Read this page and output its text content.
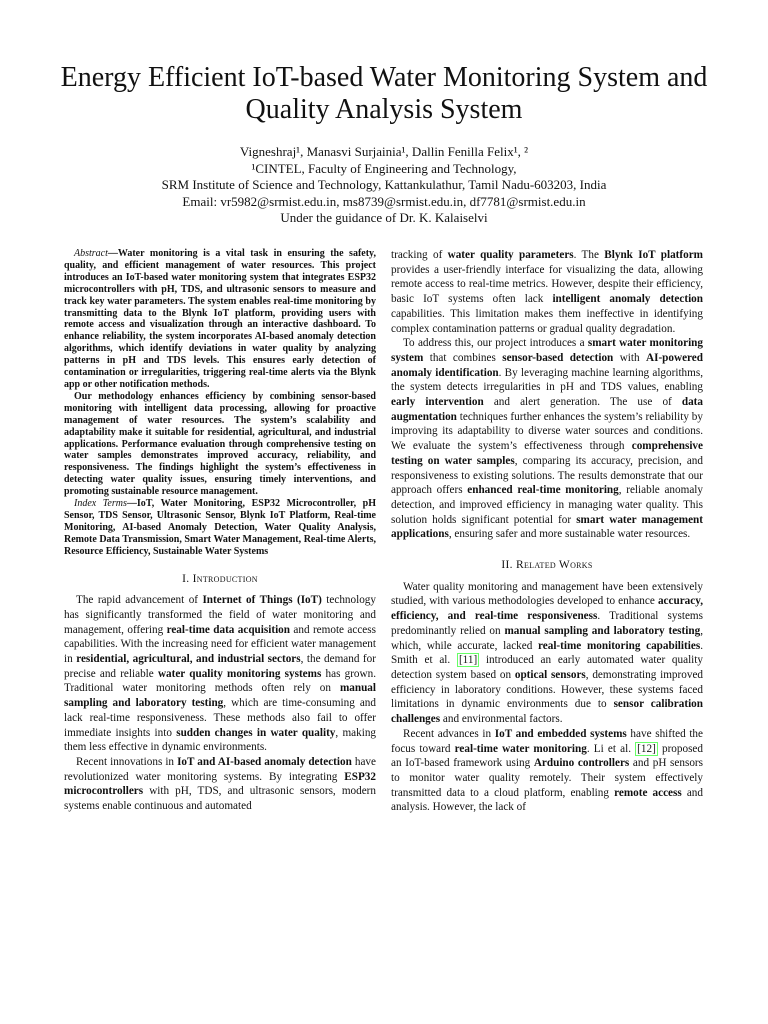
Energy Efficient IoT-based Water Monitoring System and Quality Analysis System
Vigneshraj¹, Manasvi Surjainia¹, Dallin Fenilla Felix¹, ²
¹CINTEL, Faculty of Engineering and Technology,
SRM Institute of Science and Technology, Kattankulathur, Tamil Nadu-603203, India
Email: vr5982@srmist.edu.in, ms8739@srmist.edu.in, df7781@srmist.edu.in
Under the guidance of Dr. K. Kalaiselvi

Abstract—Water monitoring is a vital task in ensuring the safety, quality, and efficient management of water resources. This project introduces an IoT-based water monitoring system that integrates ESP32 microcontrollers with pH, TDS, and ultrasonic sensors to measure and track key water parameters. The system enables real-time monitoring by transmitting data to the Blynk IoT platform, providing users with remote access and visualization through an interactive dashboard. To enhance reliability, the system incorporates AI-based anomaly detection algorithms, which identify deviations in water quality by analyzing patterns in pH and TDS levels. This ensures early detection of contamination or irregularities, triggering real-time alerts via the Blynk app or other notification methods.

Our methodology enhances efficiency by combining sensor-based monitoring with intelligent data processing, allowing for proactive management of water resources. The system’s scalability and adaptability make it suitable for residential, agricultural, and industrial applications. Performance evaluation through comprehensive testing on water samples demonstrates improved accuracy, reliability, and responsiveness. The findings highlight the system’s effectiveness in detecting water quality issues, ensuring timely interventions, and promoting sustainable resource management.

Index Terms—IoT, Water Monitoring, ESP32 Microcontroller, pH Sensor, TDS Sensor, Ultrasonic Sensor, Blynk IoT Platform, Real-time Monitoring, AI-based Anomaly Detection, Water Quality Analysis, Remote Data Transmission, Smart Water Management, Real-time Alerts, Resource Efficiency, Sustainable Water Systems

I. Introduction

The rapid advancement of Internet of Things (IoT) technology has significantly transformed the field of water monitoring and management, offering real-time data acquisition and remote access capabilities. With the increasing need for efficient water management in residential, agricultural, and industrial sectors, the demand for precise and reliable water quality monitoring systems has grown. Traditional water monitoring methods often rely on manual sampling and laboratory testing, which are time-consuming and lack real-time responsiveness. These methods also fail to offer immediate insights into sudden changes in water quality, making them less effective in dynamic environments.

Recent innovations in IoT and AI-based anomaly detection have revolutionized water monitoring systems. By integrating ESP32 microcontrollers with pH, TDS, and ultrasonic sensors, modern systems enable continuous and automated

tracking of water quality parameters. The Blynk IoT platform provides a user-friendly interface for visualizing the data, allowing remote access to real-time metrics. However, despite their efficiency, basic IoT systems often lack intelligent anomaly detection capabilities. This limitation makes them ineffective in identifying complex contamination patterns or gradual quality degradation.

To address this, our project introduces a smart water monitoring system that combines sensor-based detection with AI-powered anomaly identification. By leveraging machine learning algorithms, the system detects irregularities in pH and TDS values, enabling early intervention and alert generation. The use of data augmentation techniques further enhances the system’s reliability by improving its adaptability to diverse water sources and conditions. We evaluate the system’s effectiveness through comprehensive testing on water samples, comparing its accuracy, precision, and responsiveness to existing solutions. The results demonstrate that our approach offers enhanced real-time monitoring, reliable anomaly detection, and improved efficiency in managing water quality. This solution holds significant potential for smart water management applications, ensuring safer and more sustainable water resources.

II. Related Works

Water quality monitoring and management have been extensively studied, with various methodologies developed to enhance accuracy, efficiency, and real-time responsiveness. Traditional systems predominantly relied on manual sampling and laboratory testing, which, while accurate, lacked real-time monitoring capabilities. Smith et al. [11] introduced an early automated water quality detection system based on optical sensors, demonstrating improved efficiency in laboratory conditions. However, these systems faced limitations in dynamic environments due to sensor calibration challenges and environmental factors.

Recent advances in IoT and embedded systems have shifted the focus toward real-time water monitoring. Li et al. [12] proposed an IoT-based framework using Arduino controllers and pH sensors to monitor water quality remotely. Their system effectively transmitted data to a cloud platform, enabling remote access and analysis. However, the lack of
